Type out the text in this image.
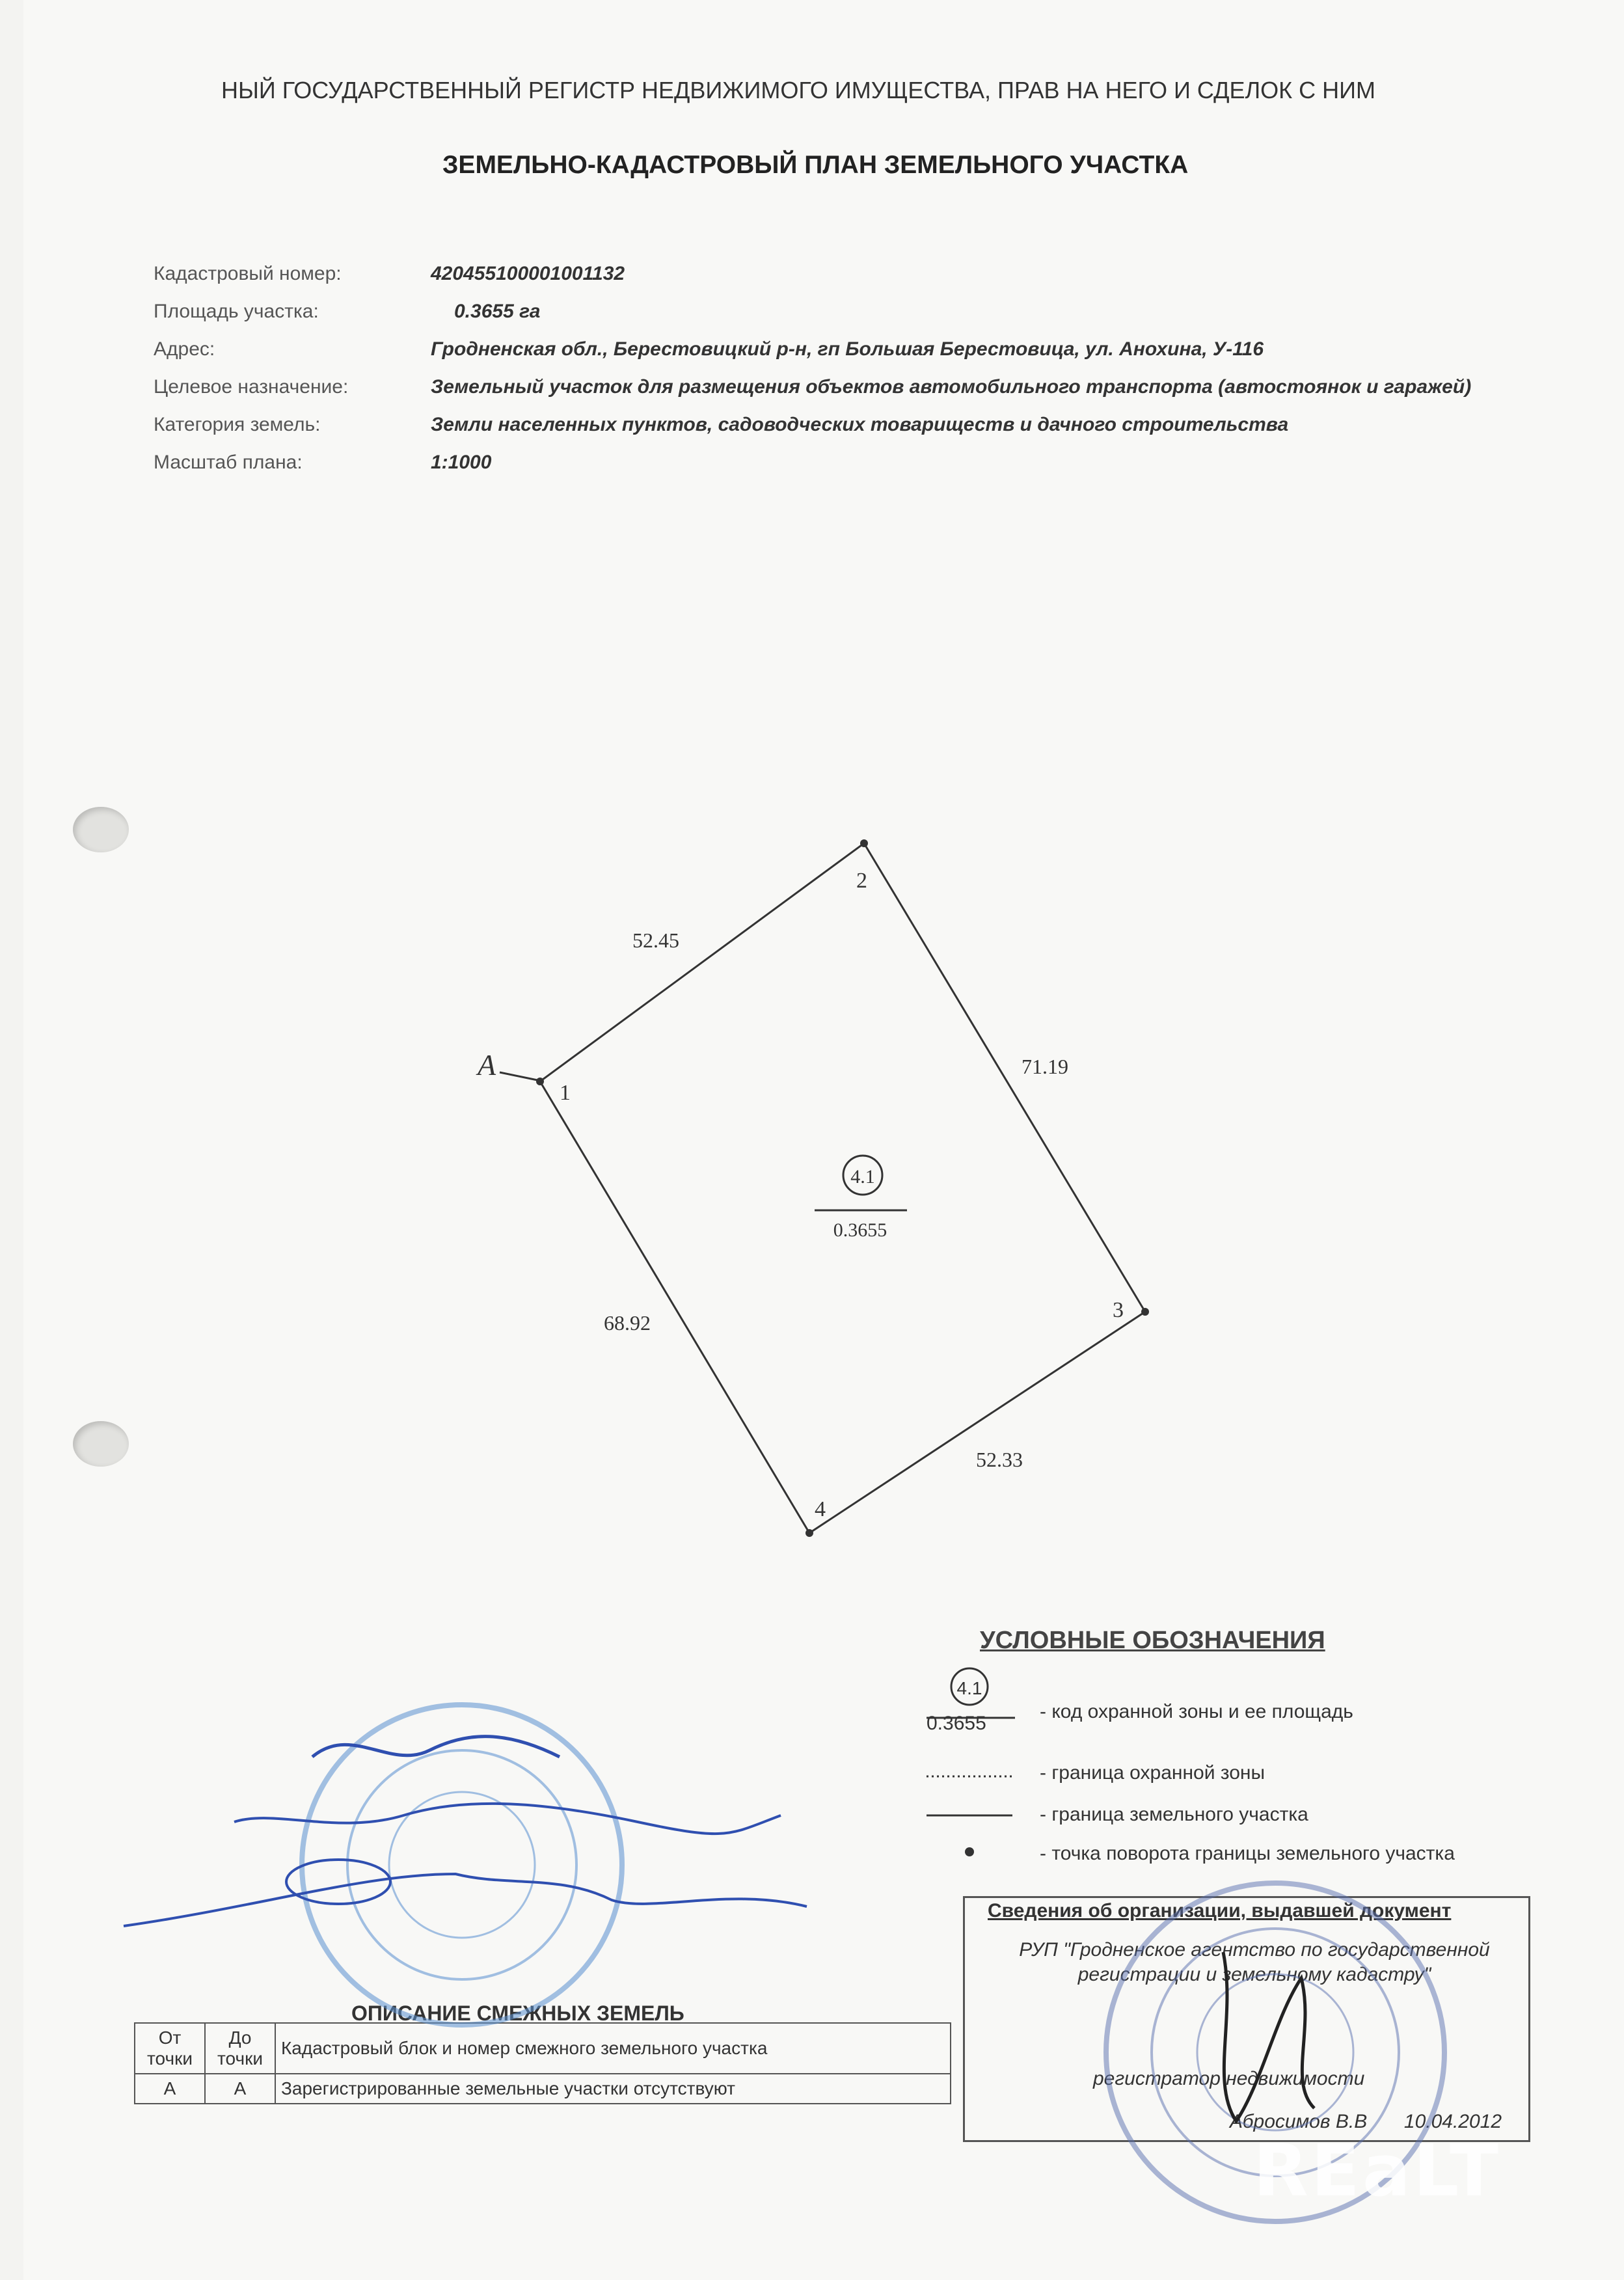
НЫЙ ГОСУДАРСТВЕННЫЙ РЕГИСТР НЕДВИЖИМОГО ИМУЩЕСТВА, ПРАВ НА НЕГО И СДЕЛОК С НИМ
ЗЕМЕЛЬНО-КАДАСТРОВЫЙ ПЛАН ЗЕМЕЛЬНОГО УЧАСТКА
Кадастровый номер:	420455100001001132
Площадь участка:	0.3655 га
Адрес:	Гродненская обл., Берестовицкий р-н, гп Большая Берестовица, ул. Анохина, У-116
Целевое назначение:	Земельный участок для размещения объектов автомобильного транспорта (автостоянок и гаражей)
Категория земель:	Земли населенных пунктов, садоводческих товариществ и дачного строительства
Масштаб плана:	1:1000
1
2
3
4
52.45
71.19
52.33
68.92
А
4.1
0.3655
4.1
УСЛОВНЫЕ ОБОЗНАЧЕНИЯ
0.3655
- код охранной зоны и ее площадь
- граница охранной зоны
- граница земельного участка
- точка поворота границы земельного участка
Сведения об организации, выдавшей документ
РУП "Гродненское агентство по государственной регистрации и земельному кадастру"
регистратор недвижимости
Абросимов В.В 10.04.2012
ОПИСАНИЕ СМЕЖНЫХ ЗЕМЕЛЬ
От точки	До точки	Кадастровый блок и номер смежного земельного участка
А	А	Зарегистрированные земельные участки отсутствуют
REaLT
